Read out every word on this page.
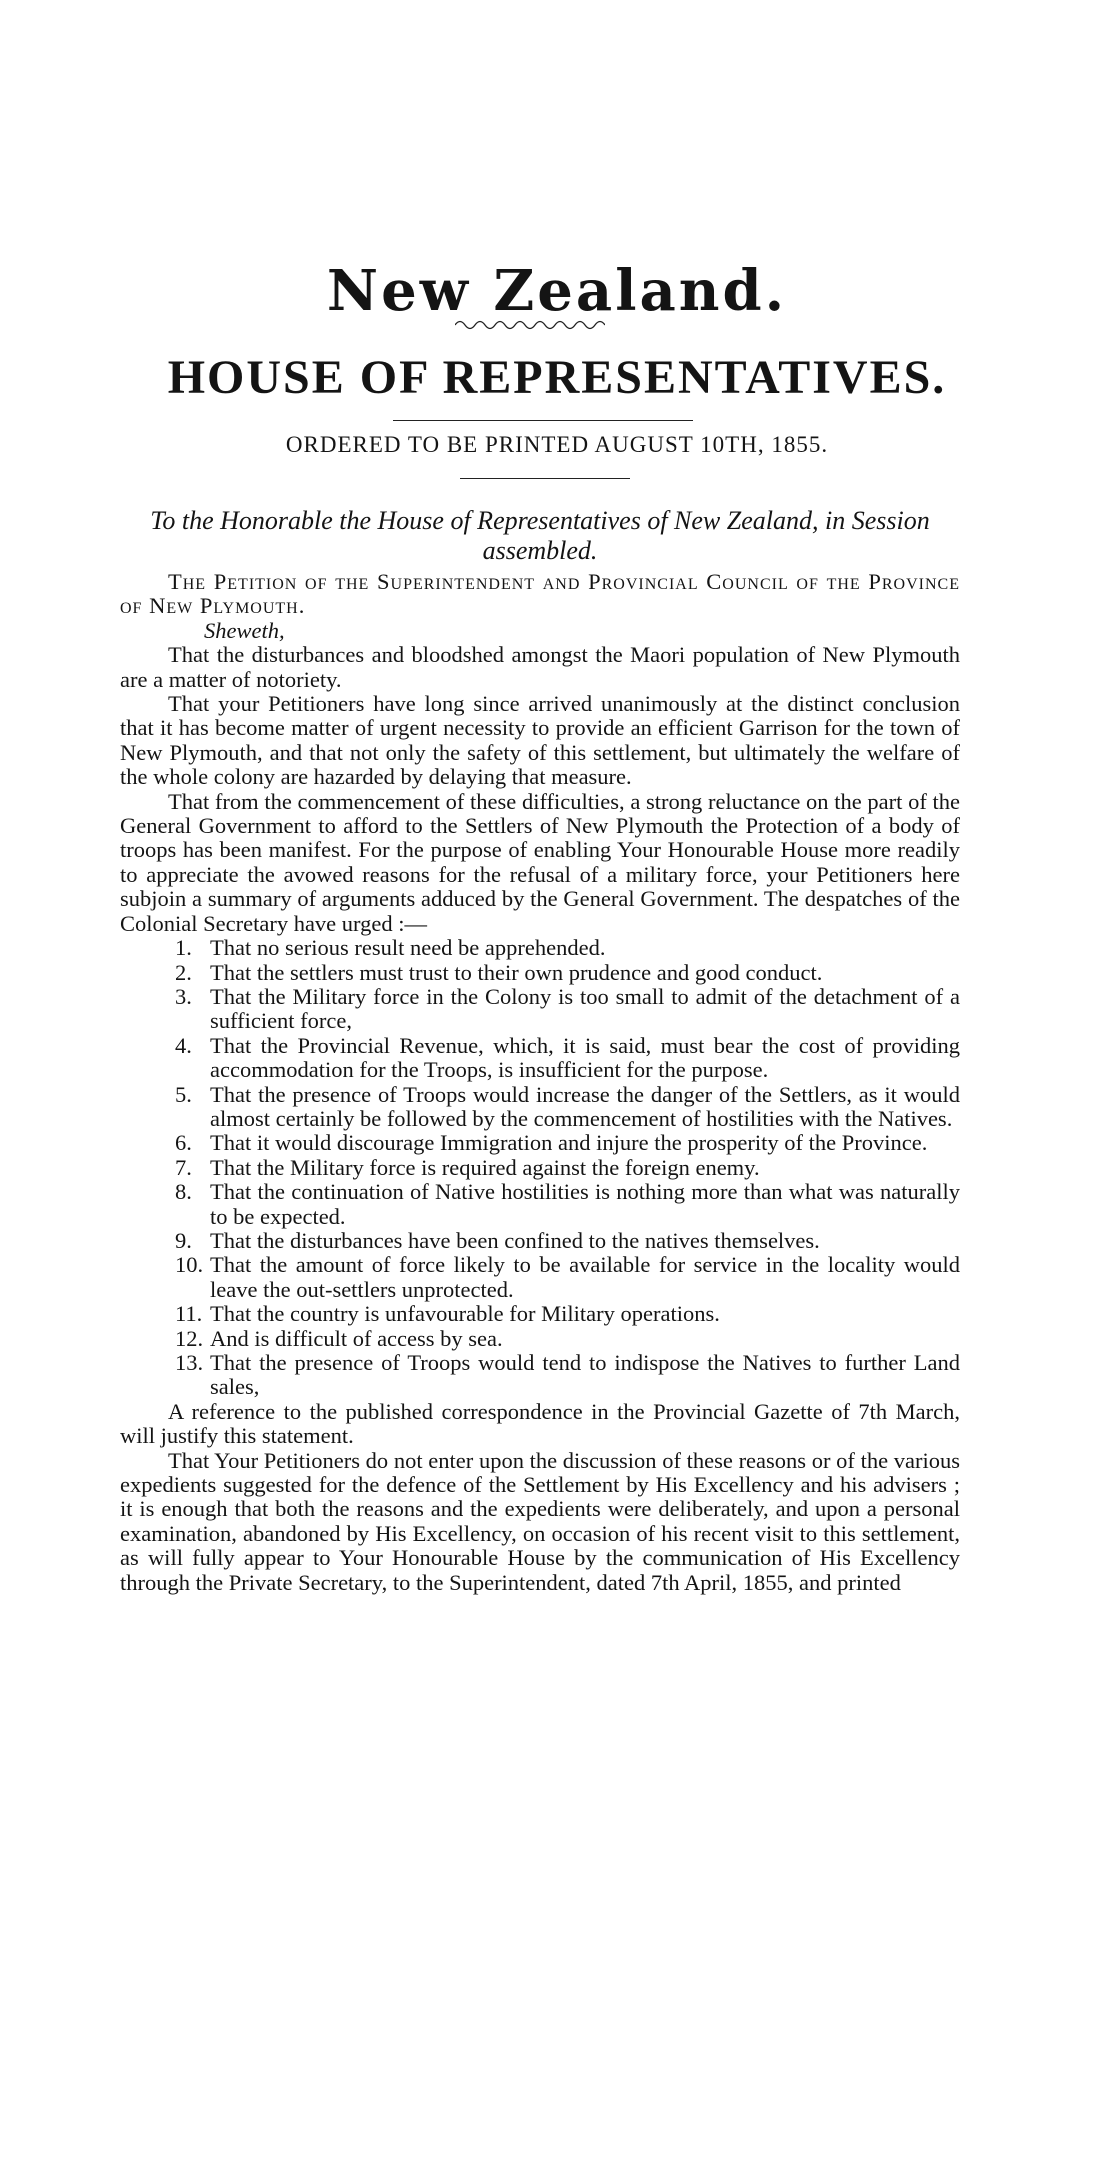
New Zealand.
HOUSE OF REPRESENTATIVES.
ORDERED TO BE PRINTED AUGUST 10TH, 1855.
To the Honorable the House of Representatives of New Zealand, in Session assembled.

The Petition of the Superintendent and Provincial Council of the Province of New Plymouth.

Sheweth,

That the disturbances and bloodshed amongst the Maori population of New Plymouth are a matter of notoriety.

That your Petitioners have long since arrived unanimously at the distinct conclusion that it has become matter of urgent necessity to provide an efficient Garrison for the town of New Plymouth, and that not only the safety of this settlement, but ultimately the welfare of the whole colony are hazarded by delaying that measure.

That from the commencement of these difficulties, a strong reluctance on the part of the General Government to afford to the Settlers of New Plymouth the Protection of a body of troops has been manifest. For the purpose of enabling Your Honourable House more readily to appreciate the avowed reasons for the refusal of a military force, your Petitioners here subjoin a summary of arguments adduced by the General Government. The despatches of the Colonial Secretary have urged :—

1. That no serious result need be apprehended.
2. That the settlers must trust to their own prudence and good conduct.
3. That the Military force in the Colony is too small to admit of the detachment of a sufficient force,
4. That the Provincial Revenue, which, it is said, must bear the cost of providing accommodation for the Troops, is insufficient for the purpose.
5. That the presence of Troops would increase the danger of the Settlers, as it would almost certainly be followed by the commencement of hostilities with the Natives.
6. That it would discourage Immigration and injure the prosperity of the Province.
7. That the Military force is required against the foreign enemy.
8. That the continuation of Native hostilities is nothing more than what was naturally to be expected.
9. That the disturbances have been confined to the natives themselves.
10. That the amount of force likely to be available for service in the locality would leave the out-settlers unprotected.
11. That the country is unfavourable for Military operations.
12. And is difficult of access by sea.
13. That the presence of Troops would tend to indispose the Natives to further Land sales,

A reference to the published correspondence in the Provincial Gazette of 7th March, will justify this statement.

That Your Petitioners do not enter upon the discussion of these reasons or of the various expedients suggested for the defence of the Settlement by His Excellency and his advisers ; it is enough that both the reasons and the expedients were deliberately, and upon a personal examination, abandoned by His Excellency, on occasion of his recent visit to this settlement, as will fully appear to Your Honourable House by the communication of His Excellency through the Private Secretary, to the Superintendent, dated 7th April, 1855, and printed
